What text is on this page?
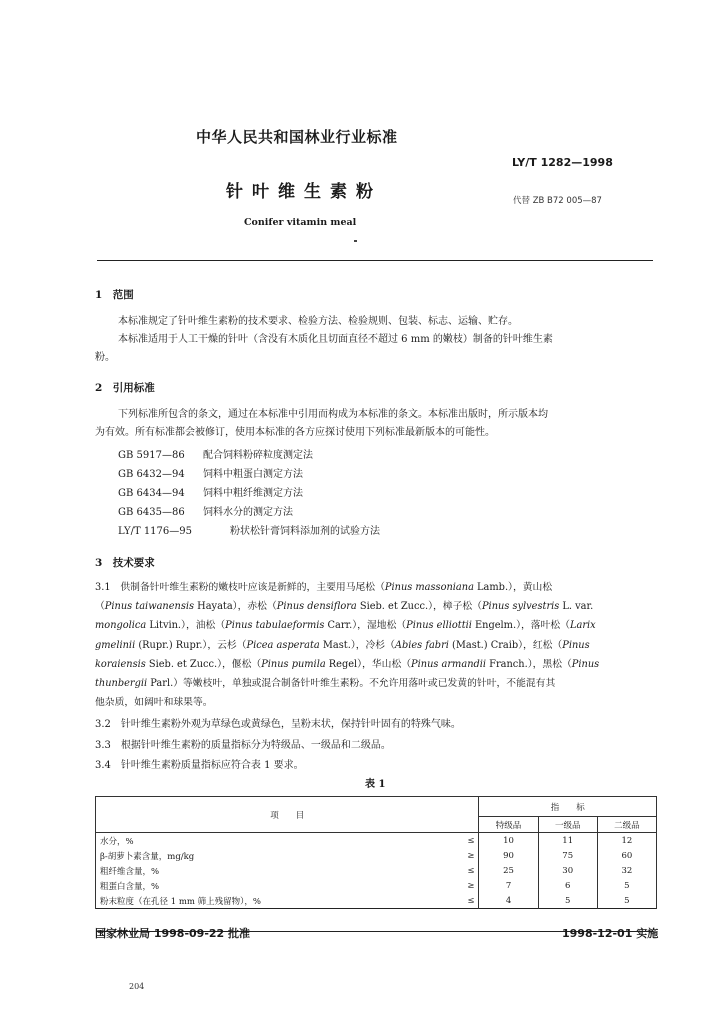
中华人民共和国林业行业标准
LY/T 1282—1998
针叶维生素粉	代替 ZB B72 005—87
Conifer vitamin meal
1　范围
本标准规定了针叶维生素粉的技术要求、检验方法、检验规则、包装、标志、运输、贮存。
本标准适用于人工干燥的针叶（含没有木质化且切面直径不超过 6 mm 的嫩枝）制备的针叶维生素
粉。
2　引用标准
下列标准所包含的条文，通过在本标准中引用而构成为本标准的条文。本标准出版时，所示版本均
为有效。所有标准都会被修订，使用本标准的各方应探讨使用下列标准最新版本的可能性。
GB 5917—86 配合饲料粉碎粒度测定法
GB 6432—94 饲料中粗蛋白测定方法
GB 6434—94 饲料中粗纤维测定方法
GB 6435—86 饲料水分的测定方法
LY/T 1176—95	粉状松针膏饲料添加剂的试验方法
3　技术要求
3.1　 供制备针叶维生素粉的嫩枝叶应该是新鲜的，主要用马尾松（Pinus massoniana Lamb.），黄山松
（Pinus taiwanensis Hayata），赤松（Pinus densiflora Sieb. et Zucc.），樟子松（Pinus sylvestris L. var.
mongolica Litvin.），油松（Pinus tabulaeformis Carr.），湿地松（Pinus elliottii Engelm.），落叶松（Larix
gmelinii (Rupr.) Rupr.），云杉（Picea asperata Mast.），冷杉（Abies fabri (Mast.) Craib），红松（Pinus
koraiensis Sieb. et Zucc.），偃松（Pinus pumila Regel），华山松（Pinus armandii Franch.），黑松（Pinus
thunbergii Parl.）等嫩枝叶，单独或混合制备针叶维生素粉。不允许用落叶或已发黄的针叶，不能混有其
他杂质，如阔叶和球果等。
3.2　针叶维生素粉外观为草绿色或黄绿色，呈粉末状，保持针叶固有的特殊气味。
3.3　根据针叶维生素粉的质量指标分为特级品、一级品和二级品。
3.4　针叶维生素粉质量指标应符合表 1 要求。
表 1
项　　目		指　　标		
		特级品	一级品	二级品
水分，%	≤	10	11	12
β-胡萝卜素含量，mg/kg	≥	90	75	60
粗纤维含量，%	≤	25	30	32
粗蛋白含量，%	≥	7	6	5
粉末粒度（在孔径 1 mm 筛上残留物），%	≤	4	5	5
国家林业局 1998-09-22 批准	1998-12-01 实施
204
